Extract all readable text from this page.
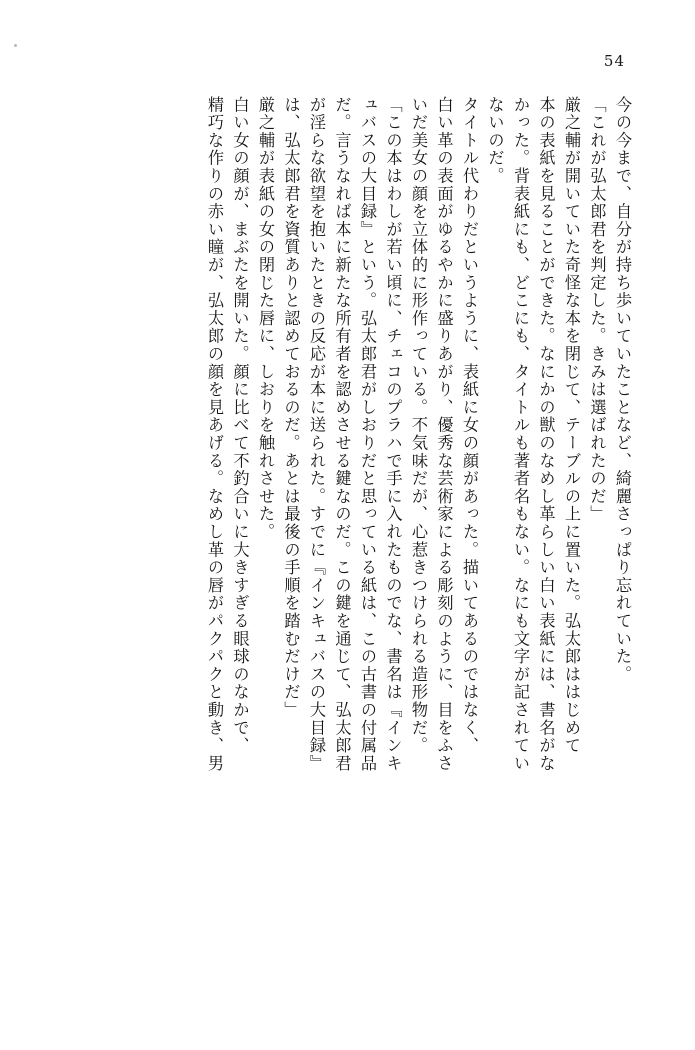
54
今の今まで、自分が持ち歩いていたことなど、綺麗さっぱり忘れていた。
「これが弘太郎君を判定した。きみは選ばれたのだ」
厳之輔が開いていた奇怪な本を閉じて、テーブルの上に置いた。弘太郎ははじめて
本の表紙を見ることができた。なにかの獣のなめし革らしい白い表紙には、書名がな
かった。背表紙にも、どこにも、タイトルも著者名もない。なにも文字が記されてい
ないのだ。
タイトル代わりだというように、表紙に女の顔があった。描いてあるのではなく、
白い革の表面がゆるやかに盛りあがり、優秀な芸術家による彫刻のように、目をふさ
いだ美女の顔を立体的に形作っている。不気味だが、心惹きつけられる造形物だ。
「この本はわしが若い頃に、チェコのプラハで手に入れたものでな、書名は『インキ
ュバスの大目録』という。弘太郎君がしおりだと思っている紙は、この古書の付属品
だ。言うなれば本に新たな所有者を認めさせる鍵なのだ。この鍵を通じて、弘太郎君
が淫らな欲望を抱いたときの反応が本に送られた。すでに『インキュバスの大目録』
は、弘太郎君を資質ありと認めておるのだ。あとは最後の手順を踏むだけだ」
厳之輔が表紙の女の閉じた唇に、しおりを触れさせた。
白い女の顔が、まぶたを開いた。顔に比べて不釣合いに大きすぎる眼球のなかで、
精巧な作りの赤い瞳が、弘太郎の顔を見あげる。なめし革の唇がパクパクと動き、男
